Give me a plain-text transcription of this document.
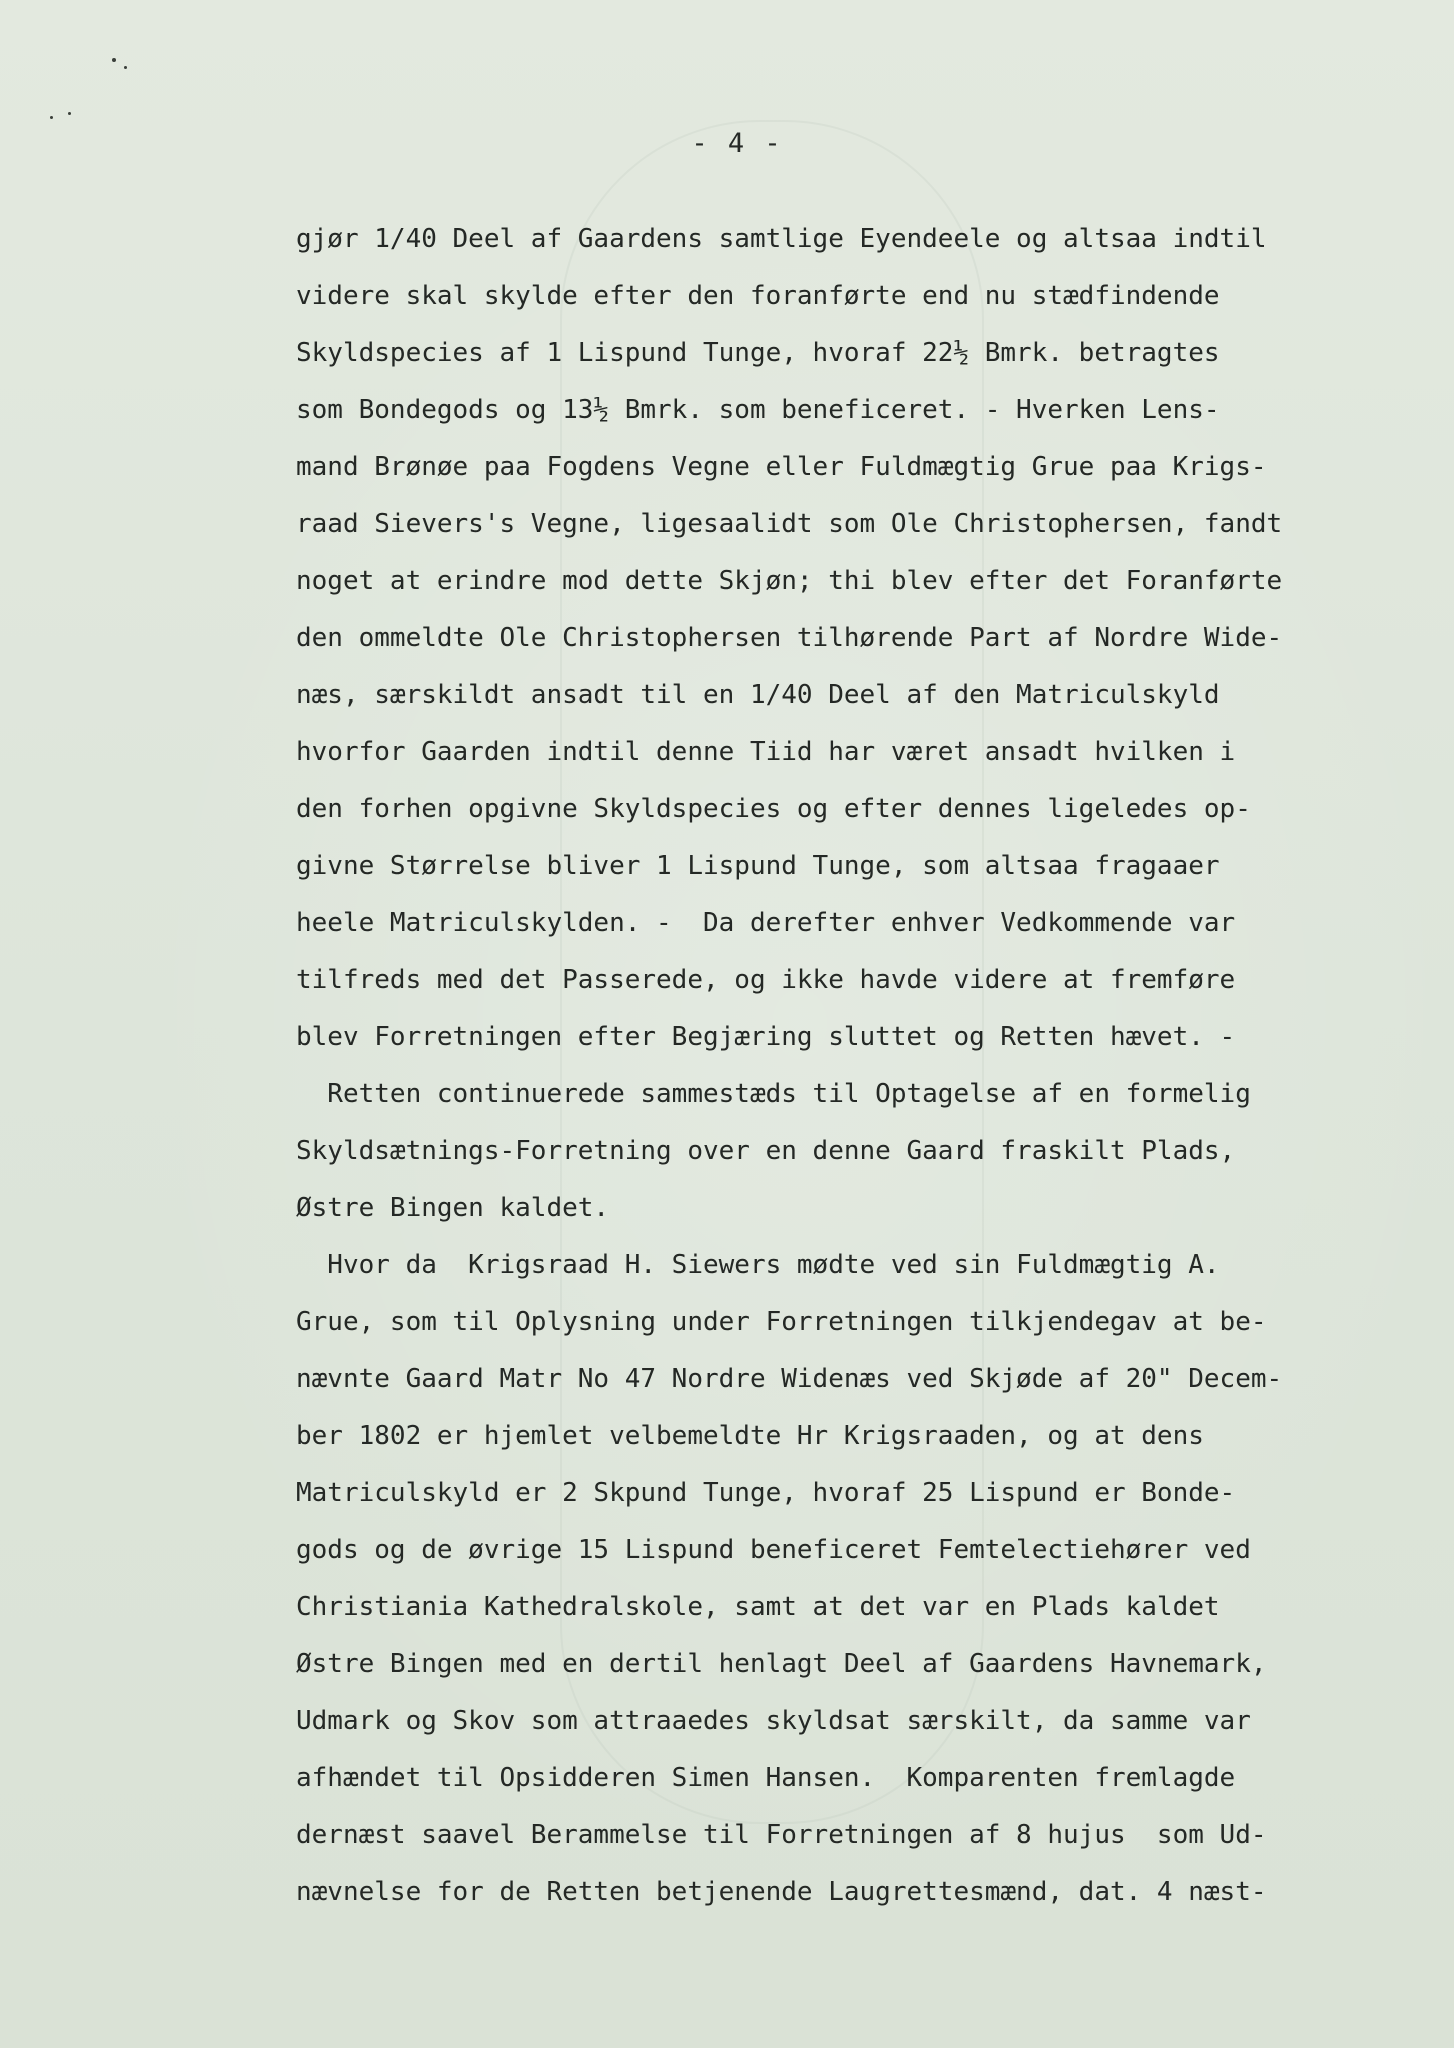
- 4 -
gjør 1/40 Deel af Gaardens samtlige Eyendeele og altsaa indtil
videre skal skylde efter den foranførte end nu stædfindende
Skyldspecies af 1 Lispund Tunge, hvoraf 22½ Bmrk. betragtes
som Bondegods og 13½ Bmrk. som beneficeret. - Hverken Lens-
mand Brønøe paa Fogdens Vegne eller Fuldmægtig Grue paa Krigs-
raad Sievers's Vegne, ligesaalidt som Ole Christophersen, fandt
noget at erindre mod dette Skjøn; thi blev efter det Foranførte
den ommeldte Ole Christophersen tilhørende Part af Nordre Wide-
næs, særskildt ansadt til en 1/40 Deel af den Matriculskyld
hvorfor Gaarden indtil denne Tiid har været ansadt hvilken i
den forhen opgivne Skyldspecies og efter dennes ligeledes op-
givne Størrelse bliver 1 Lispund Tunge, som altsaa fragaaer
heele Matriculskylden. -  Da derefter enhver Vedkommende var
tilfreds med det Passerede, og ikke havde videre at fremføre
blev Forretningen efter Begjæring sluttet og Retten hævet. -
Retten continuerede sammestæds til Optagelse af en formelig
Skyldsætnings-Forretning over en denne Gaard fraskilt Plads,
Østre Bingen kaldet.
Hvor da  Krigsraad H. Siewers mødte ved sin Fuldmægtig A.
Grue, som til Oplysning under Forretningen tilkjendegav at be-
nævnte Gaard Matr No 47 Nordre Widenæs ved Skjøde af 20" Decem-
ber 1802 er hjemlet velbemeldte Hr Krigsraaden, og at dens
Matriculskyld er 2 Skpund Tunge, hvoraf 25 Lispund er Bonde-
gods og de øvrige 15 Lispund beneficeret Femtelectiehører ved
Christiania Kathedralskole, samt at det var en Plads kaldet
Østre Bingen med en dertil henlagt Deel af Gaardens Havnemark,
Udmark og Skov som attraaedes skyldsat særskilt, da samme var
afhændet til Opsidderen Simen Hansen.  Komparenten fremlagde
dernæst saavel Berammelse til Forretningen af 8 hujus  som Ud-
nævnelse for de Retten betjenende Laugrettesmænd, dat. 4 næst-
